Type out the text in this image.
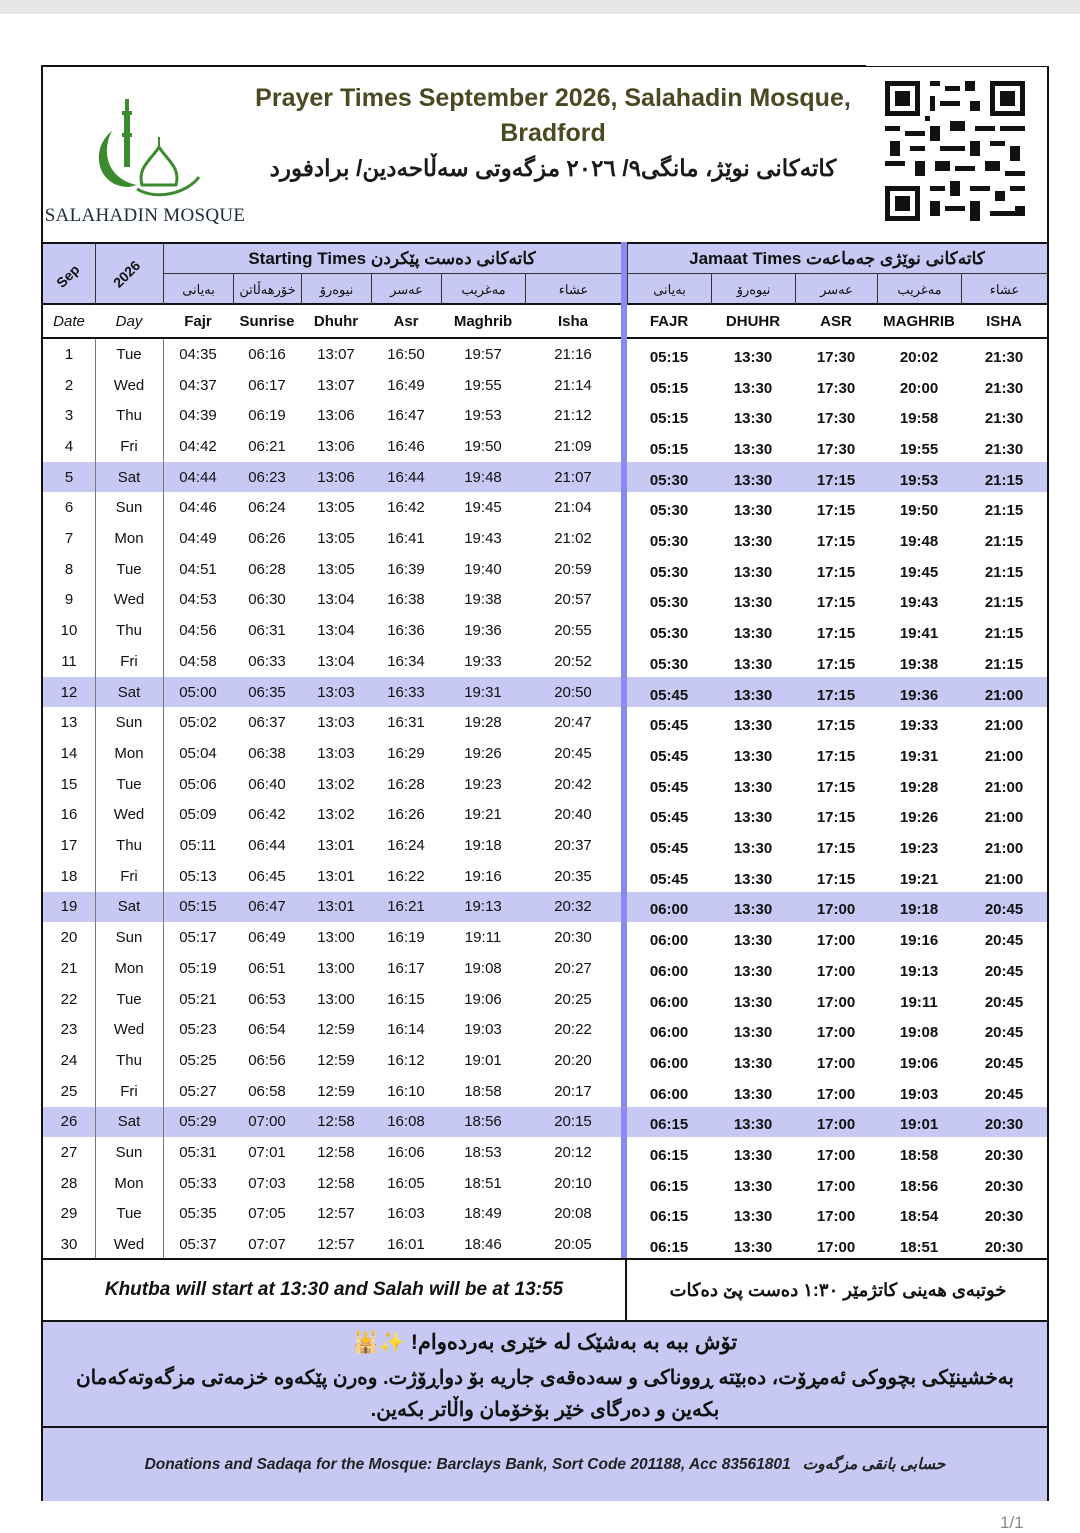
SALAHADIN MOSQUE
Prayer Times September 2026, Salahadin Mosque,
Bradford
کاتەکانی نوێژ، مانگی٩/ ٢٠٢٦ مزگەوتی سەڵاحەدین/ برادفورد
Sep 2026	Starting Times کاتەکانی دەست پێکردن	Jamaat Times کاتەکانی نوێژی جەماعەت
بەیانی	خۆرهەڵاتن	نیوەرۆ	عەسر	مەغریب	عشاء	بەیانی	نیوەرۆ	عەسر	مەغریب	عشاء
Date	Day	Fajr	Sunrise	Dhuhr	Asr	Maghrib	Isha	FAJR	DHUHR	ASR	MAGHRIB	ISHA
1	Tue	04:35	06:16	13:07	16:50	19:57	21:16	05:15	13:30	17:30	20:02	21:30
2	Wed	04:37	06:17	13:07	16:49	19:55	21:14	05:15	13:30	17:30	20:00	21:30
3	Thu	04:39	06:19	13:06	16:47	19:53	21:12	05:15	13:30	17:30	19:58	21:30
4	Fri	04:42	06:21	13:06	16:46	19:50	21:09	05:15	13:30	17:30	19:55	21:30
5	Sat	04:44	06:23	13:06	16:44	19:48	21:07	05:30	13:30	17:15	19:53	21:15
6	Sun	04:46	06:24	13:05	16:42	19:45	21:04	05:30	13:30	17:15	19:50	21:15
7	Mon	04:49	06:26	13:05	16:41	19:43	21:02	05:30	13:30	17:15	19:48	21:15
8	Tue	04:51	06:28	13:05	16:39	19:40	20:59	05:30	13:30	17:15	19:45	21:15
9	Wed	04:53	06:30	13:04	16:38	19:38	20:57	05:30	13:30	17:15	19:43	21:15
10	Thu	04:56	06:31	13:04	16:36	19:36	20:55	05:30	13:30	17:15	19:41	21:15
11	Fri	04:58	06:33	13:04	16:34	19:33	20:52	05:30	13:30	17:15	19:38	21:15
12	Sat	05:00	06:35	13:03	16:33	19:31	20:50	05:45	13:30	17:15	19:36	21:00
13	Sun	05:02	06:37	13:03	16:31	19:28	20:47	05:45	13:30	17:15	19:33	21:00
14	Mon	05:04	06:38	13:03	16:29	19:26	20:45	05:45	13:30	17:15	19:31	21:00
15	Tue	05:06	06:40	13:02	16:28	19:23	20:42	05:45	13:30	17:15	19:28	21:00
16	Wed	05:09	06:42	13:02	16:26	19:21	20:40	05:45	13:30	17:15	19:26	21:00
17	Thu	05:11	06:44	13:01	16:24	19:18	20:37	05:45	13:30	17:15	19:23	21:00
18	Fri	05:13	06:45	13:01	16:22	19:16	20:35	05:45	13:30	17:15	19:21	21:00
19	Sat	05:15	06:47	13:01	16:21	19:13	20:32	06:00	13:30	17:00	19:18	20:45
20	Sun	05:17	06:49	13:00	16:19	19:11	20:30	06:00	13:30	17:00	19:16	20:45
21	Mon	05:19	06:51	13:00	16:17	19:08	20:27	06:00	13:30	17:00	19:13	20:45
22	Tue	05:21	06:53	13:00	16:15	19:06	20:25	06:00	13:30	17:00	19:11	20:45
23	Wed	05:23	06:54	12:59	16:14	19:03	20:22	06:00	13:30	17:00	19:08	20:45
24	Thu	05:25	06:56	12:59	16:12	19:01	20:20	06:00	13:30	17:00	19:06	20:45
25	Fri	05:27	06:58	12:59	16:10	18:58	20:17	06:00	13:30	17:00	19:03	20:45
26	Sat	05:29	07:00	12:58	16:08	18:56	20:15	06:15	13:30	17:00	19:01	20:30
27	Sun	05:31	07:01	12:58	16:06	18:53	20:12	06:15	13:30	17:00	18:58	20:30
28	Mon	05:33	07:03	12:58	16:05	18:51	20:10	06:15	13:30	17:00	18:56	20:30
29	Tue	05:35	07:05	12:57	16:03	18:49	20:08	06:15	13:30	17:00	18:54	20:30
30	Wed	05:37	07:07	12:57	16:01	18:46	20:05	06:15	13:30	17:00	18:51	20:30
Khutba will start at 13:30 and Salah will be at 13:55	خوتبەی هەینی کاتژمێر ١:٣٠ دەست پێ دەکات
تۆش ببە بە بەشێک لە خێری بەردەوام! ✨🕌
بەخشینێکی بچووکی ئەمڕۆت، دەبێتە ڕووناکی و سەدەقەی جاریە بۆ دواڕۆژت. وەرن پێکەوە خزمەتی مزگەوتەکەمان بکەین و دەرگای خێر بۆخۆمان واڵاتر بکەین.
Donations and Sadaqa for the Mosque: Barclays Bank, Sort Code 201188, Acc 83561801 حسابی بانقی مزگەوت
1/1
